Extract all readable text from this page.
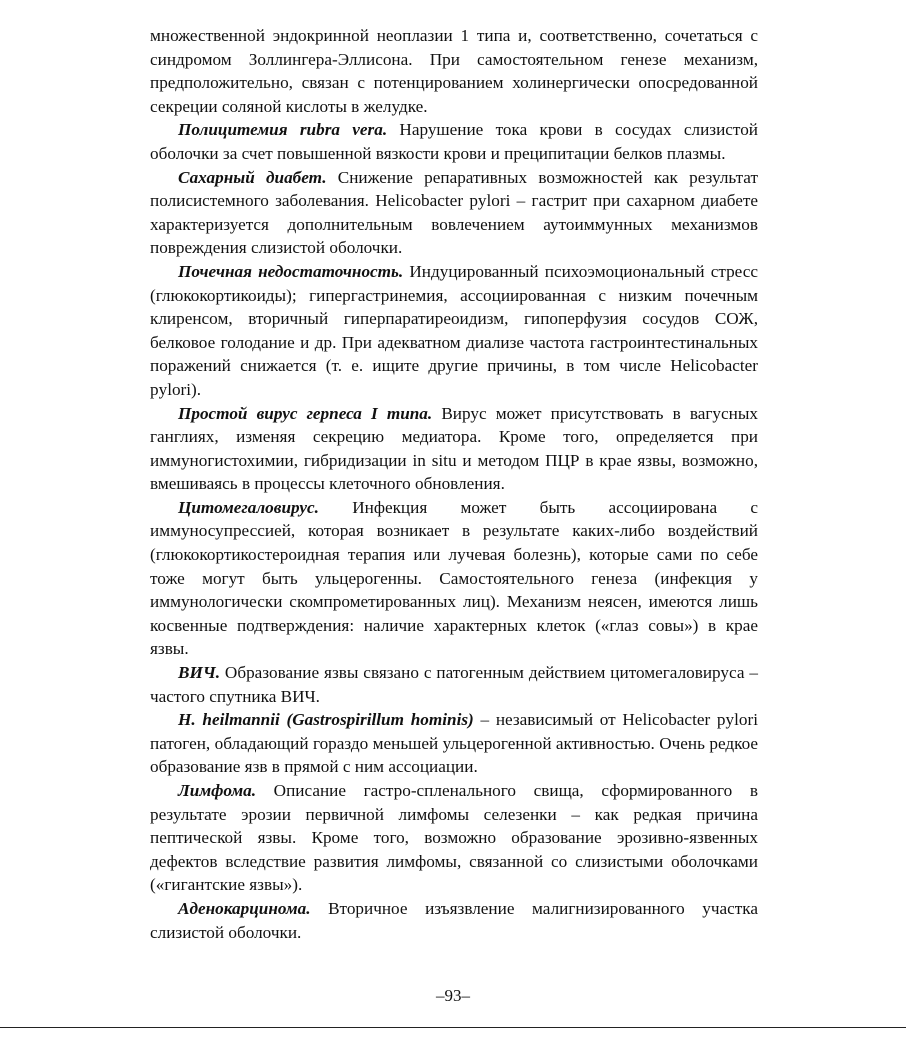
множественной эндокринной неоплазии 1 типа и, соответственно, сочетаться с синдромом Золлингера-Эллисона. При самостоятельном генезе механизм, предположительно, связан с потенцированием холинергически опосредованной секреции соляной кислоты в желудке.

Полицитемия rubra vera. Нарушение тока крови в сосудах слизистой оболочки за счет повышенной вязкости крови и преципитации белков плазмы.

Сахарный диабет. Снижение репаративных возможностей как результат полисистемного заболевания. Helicobacter pylori – гастрит при сахарном диабете характеризуется дополнительным вовлечением аутоиммунных механизмов повреждения слизистой оболочки.

Почечная недостаточность. Индуцированный психоэмоциональный стресс (глюкокортикоиды); гипергастринемия, ассоциированная с низким почечным клиренсом, вторичный гиперпаратиреоидизм, гипоперфузия сосудов СОЖ, белковое голодание и др. При адекватном диализе частота гастроинтестинальных поражений снижается (т. е. ищите другие причины, в том числе Helicobacter pylori).

Простой вирус герпеса I типа. Вирус может присутствовать в вагусных ганглиях, изменяя секрецию медиатора. Кроме того, определяется при иммуногистохимии, гибридизации in situ и методом ПЦР в крае язвы, возможно, вмешиваясь в процессы клеточного обновления.

Цитомегаловирус. Инфекция может быть ассоциирована с иммуносупрессией, которая возникает в результате каких-либо воздействий (глюкокортикостероидная терапия или лучевая болезнь), которые сами по себе тоже могут быть ульцерогенны. Самостоятельного генеза (инфекция у иммунологически скомпрометированных лиц). Механизм неясен, имеются лишь косвенные подтверждения: наличие характерных клеток («глаз совы») в крае язвы.

ВИЧ. Образование язвы связано с патогенным действием цитомегаловируса – частого спутника ВИЧ.

H. heilmannii (Gastrospirillum hominis) – независимый от Helicobacter pylori патоген, обладающий гораздо меньшей ульцерогенной активностью. Очень редкое образование язв в прямой с ним ассоциации.

Лимфома. Описание гастро-спленального свища, сформированного в результате эрозии первичной лимфомы селезенки – как редкая причина пептической язвы. Кроме того, возможно образование эрозивно-язвенных дефектов вследствие развития лимфомы, связанной со слизистыми оболочками («гигантские язвы»).

Аденокарцинома. Вторичное изъязвление малигнизированного участка слизистой оболочки.

–93–
